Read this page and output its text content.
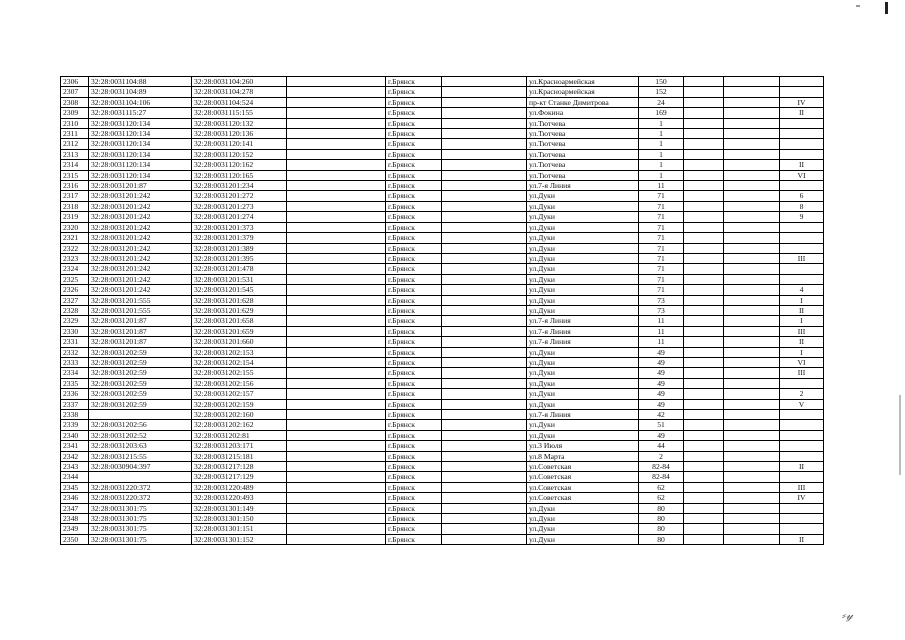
⸗𝓎
2306	32:28:0031104:88	32:28:0031104:260		г.Брянск		ул.Красноармейская	150			
2307	32:28:0031104:89	32:28:0031104:278		г.Брянск		ул.Красноармейская	152			
2308	32:28:0031104:106	32:28:0031104:524		г.Брянск		пр-кт Станке Димитрова	24			IV
2309	32:28:0031115:27	32:28:0031115:155		г.Брянск		ул.Фокина	169			II
2310	32:28:0031120:134	32:28:0031120:132		г.Брянск		ул.Тютчева	1			
2311	32:28:0031120:134	32:28:0031120:136		г.Брянск		ул.Тютчева	1			
2312	32:28:0031120:134	32:28:0031120:141		г.Брянск		ул.Тютчева	1			
2313	32:28:0031120:134	32:28:0031120:152		г.Брянск		ул.Тютчева	1			
2314	32:28:0031120:134	32:28:0031120:162		г.Брянск		ул.Тютчева	1			II
2315	32:28:0031120:134	32:28:0031120:165		г.Брянск		ул.Тютчева	1			VI
2316	32:28:0031201:87	32:28:0031201:234		г.Брянск		ул.7-я Линия	11			
2317	32:28:0031201:242	32:28:0031201:272		г.Брянск		ул.Дуки	71			6
2318	32:28:0031201:242	32:28:0031201:273		г.Брянск		ул.Дуки	71			8
2319	32:28:0031201:242	32:28:0031201:274		г.Брянск		ул.Дуки	71			9
2320	32:28:0031201:242	32:28:0031201:373		г.Брянск		ул.Дуки	71			
2321	32:28:0031201:242	32:28:0031201:379		г.Брянск		ул.Дуки	71			
2322	32:28:0031201:242	32:28:0031201:389		г.Брянск		ул.Дуки	71			
2323	32:28:0031201:242	32:28:0031201:395		г.Брянск		ул.Дуки	71			III
2324	32:28:0031201:242	32:28:0031201:478		г.Брянск		ул.Дуки	71			
2325	32:28:0031201:242	32:28:0031201:531		г.Брянск		ул.Дуки	71			
2326	32:28:0031201:242	32:28:0031201:545		г.Брянск		ул.Дуки	71			4
2327	32:28:0031201:555	32:28:0031201:628		г.Брянск		ул.Дуки	73			I
2328	32:28:0031201:555	32:28:0031201:629		г.Брянск		ул.Дуки	73			II
2329	32:28:0031201:87	32:28:0031201:658		г.Брянск		ул.7-я Линия	11			I
2330	32:28:0031201:87	32:28:0031201:659		г.Брянск		ул.7-я Линия	11			III
2331	32:28:0031201:87	32:28:0031201:660		г.Брянск		ул.7-я Линия	11			II
2332	32:28:0031202:59	32:28:0031202:153		г.Брянск		ул.Дуки	49			I
2333	32:28:0031202:59	32:28:0031202:154		г.Брянск		ул.Дуки	49			VI
2334	32:28:0031202:59	32:28:0031202:155		г.Брянск		ул.Дуки	49			III
2335	32:28:0031202:59	32:28:0031202:156		г.Брянск		ул.Дуки	49			
2336	32:28:0031202:59	32:28:0031202:157		г.Брянск		ул.Дуки	49			2
2337	32:28:0031202:59	32:28:0031202:159		г.Брянск		ул.Дуки	49			V
2338		32:28:0031202:160		г.Брянск		ул.7-я Линия	42			
2339	32:28:0031202:56	32:28:0031202:162		г.Брянск		ул.Дуки	51			
2340	32:28:0031202:52	32:28:0031202:81		г.Брянск		ул.Дуки	49			
2341	32:28:0031203:63	32:28:0031203:171		г.Брянск		ул.3 Июля	44			
2342	32:28:0031215:55	32:28:0031215:181		г.Брянск		ул.8 Марта	2			
2343	32:28:0030904:397	32:28:0031217:128		г.Брянск		ул.Советская	82-84			II
2344		32:28:0031217:129		г.Брянск		ул.Советская	82-84			
2345	32:28:0031220:372	32:28:0031220:489		г.Брянск		ул.Советская	62			III
2346	32:28:0031220:372	32:28:0031220:493		г.Брянск		ул.Советская	62			IV
2347	32:28:0031301:75	32:28:0031301:149		г.Брянск		ул.Дуки	80			
2348	32:28:0031301:75	32:28:0031301:150		г.Брянск		ул.Дуки	80			
2349	32:28:0031301:75	32:28:0031301:151		г.Брянск		ул.Дуки	80			
2350	32:28:0031301:75	32:28:0031301:152		г.Брянск		ул.Дуки	80			II
